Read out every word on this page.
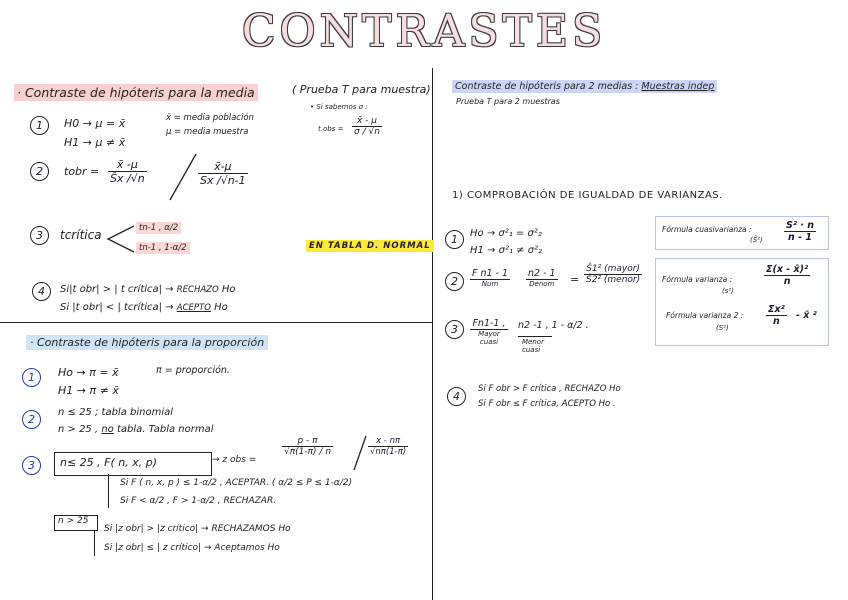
CONTRASTES
· Contraste de hipóteris para la media	( Prueba T para muestra)
1	H0 → μ = x̄
H1 → μ ≠ x̄
x̄ = media población
μ = media muestra
• Si sabemos σ :
t obs = $\frac{x̄ - \mu}{\sigma / √n}$
2	tobr = $\frac{x̄ -\mu}{Ŝx /√n}$	$\frac{x̄-\mu}{Sx /√n-1}$
3	tcrítica	tn-1 , α/2
tn-1 , 1-α/2	EN TABLA D. NORMAL
4	Si|t obr| > | t crítica| → RECHAZO Ho
Si |t obr| < | tcrítica| → ACEPTO Ho
· Contraste de hipóteris para la proporción
1	Ho → π = x̄
H1 → π ≠ x̄
π = proporción.
2
n ≤ 25 ; tabla binomial
n > 25 , no tabla. Tabla normal
3	n≤ 25 , F( n, x, p)	→ z obs =
$\frac{p - \pi}{√\pi(1-\pi) / n}$	$\frac{x - n\pi}{√n\pi(1-\pi)}$
Si F ( n, x, p ) ≤ 1-α/2 , ACEPTAR. ( α/2 ≤ P ≤ 1-α/2)
Si F < α/2 , F > 1-α/2 , RECHAZAR.
n > 25
Si |z obr| > |z crítico| → RECHAZAMOS Ho
Si |z obr| ≤ | z crítico| → Aceptamos Ho
Contraste de hipóteris para 2 medias : Muestras indep
Prueba T para 2 muestras
1) COMPROBACIÓN DE IGUALDAD DE VARIANZAS.
1	Ho → σ²₁ = σ²₂
H1 → σ²₁ ≠ σ²₂
2
F n1 - 1
Num
n2 - 1
Denom =
Ŝ1² (mayor)
Ŝ2² (menor)
3	Fn1-1 ,
Mayor cuasi
n2 -1 , 1 - α/2 .
Menor cuasi
4
Si F obr > F crítica , RECHAZO Ho
Si F obr ≤ F crítica, ACEPTO Ho .
Fórmula cuasivarianza :
(Ŝ²) $\frac{\text{S² · n}}{n - 1}$
Fórmula varianza :
(s²)
$\frac{\text{Σ(x - x̄)²}}{n}$
Fórmula varianza 2 :
(S²)
$\frac{\text{Σx²}}{n}$ - x̄ ²
